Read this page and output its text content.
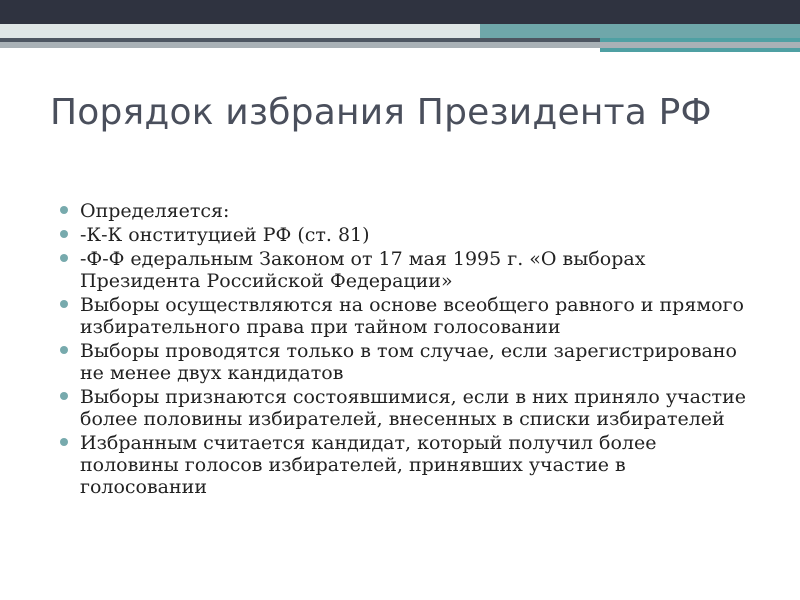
Порядок избрания Президента РФ
Определяется:
-К-К онституцией РФ (ст. 81)
-Ф-Ф едеральным Законом от 17 мая 1995 г. «О выборах Президента Российской Федерации»
Выборы осуществляются на основе всеобщего равного и прямого избирательного права при тайном голосовании
Выборы проводятся только в том случае, если зарегистрировано не менее двух кандидатов
Выборы признаются состоявшимися, если в них приняло участие более половины избирателей, внесенных в списки избирателей
Избранным считается кандидат, который получил более половины голосов избирателей, принявших участие в голосовании
